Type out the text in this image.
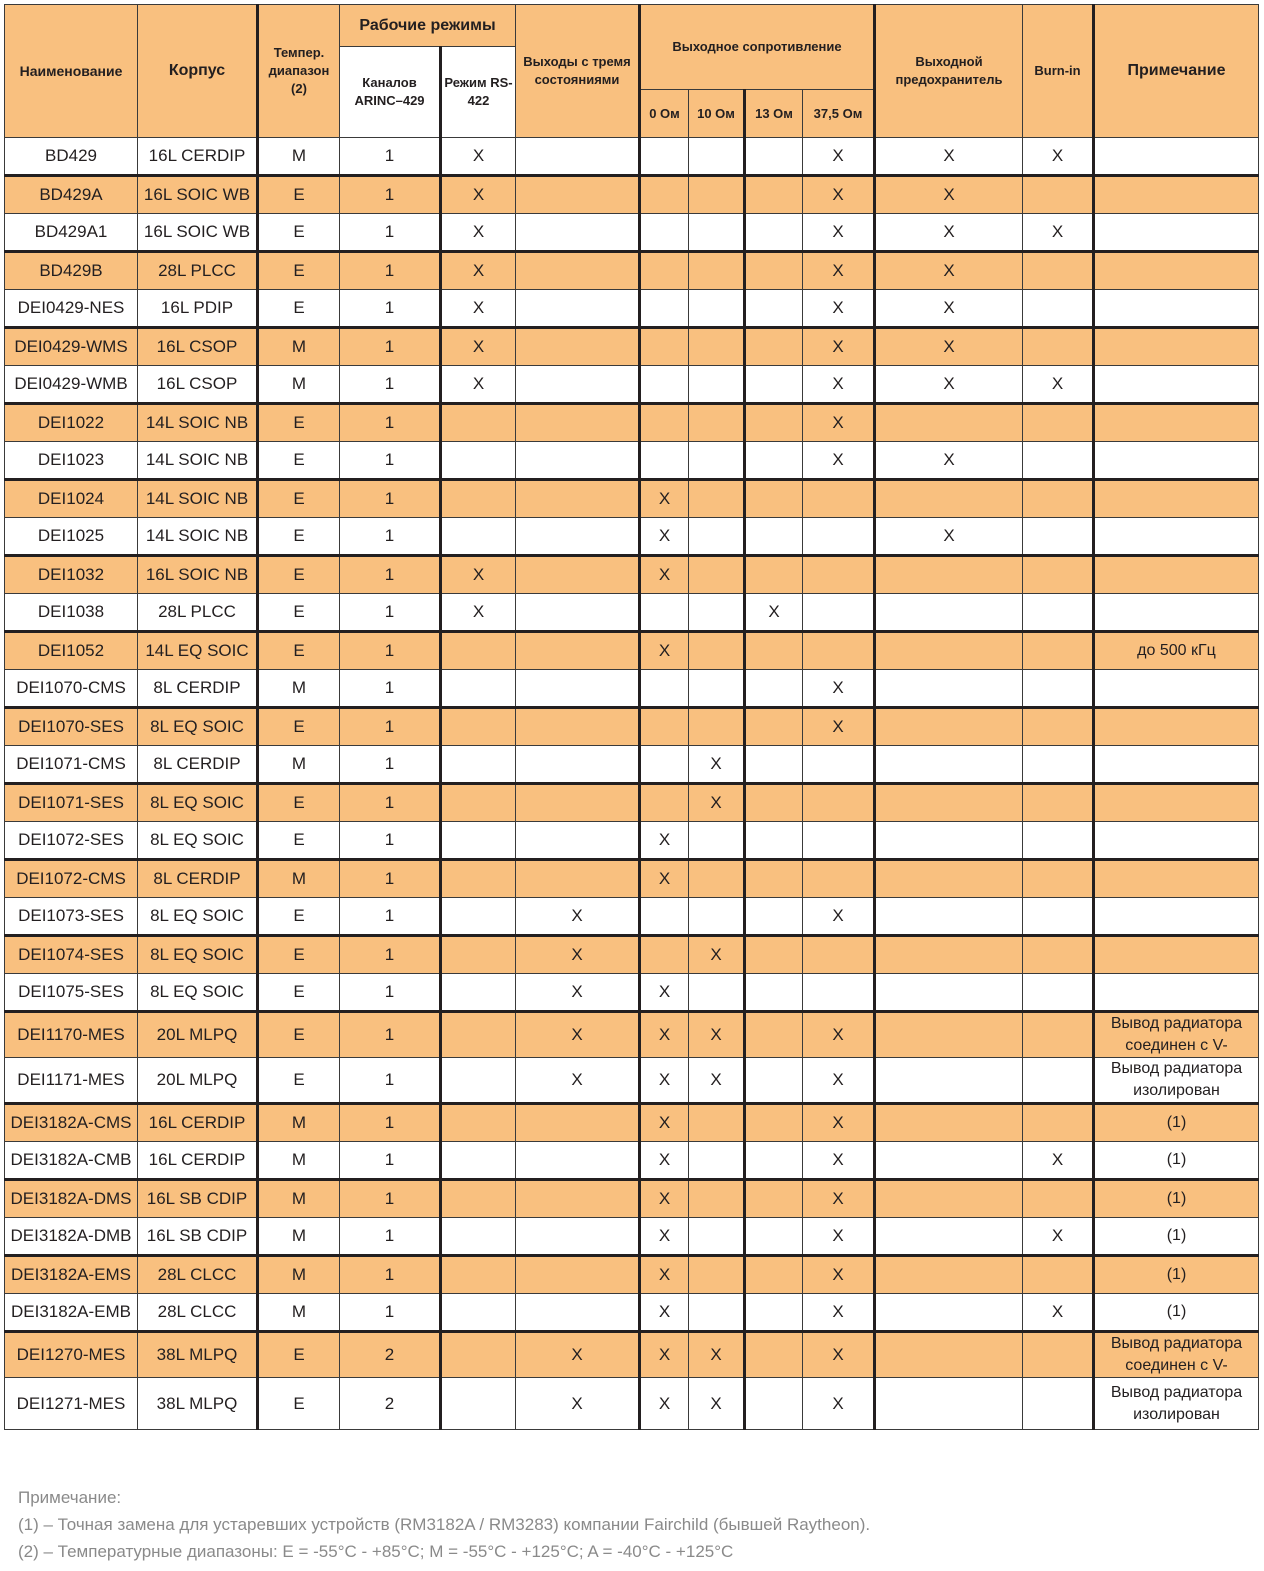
Наименование	Корпус	Темпер. диапазон (2)	Рабочие режимы		Выходы с тремя состояниями	Выходное сопротивление				Выходной предохранитель	Burn-in	Примечание
			Каналов ARINC–429	Режим RS-422								
						0 Ом	10 Ом	13 Ом	37,5 Ом			
BD429	16L CERDIP	M	1	X					X	X	X	
BD429A	16L SOIC WB	E	1	X					X	X		
BD429A1	16L SOIC WB	E	1	X					X	X	X	
BD429B	28L PLCC	E	1	X					X	X		
DEI0429-NES	16L PDIP	E	1	X					X	X		
DEI0429-WMS	16L CSOP	M	1	X					X	X		
DEI0429-WMB	16L CSOP	M	1	X					X	X	X	
DEI1022	14L SOIC NB	E	1						X			
DEI1023	14L SOIC NB	E	1						X	X		
DEI1024	14L SOIC NB	E	1			X						
DEI1025	14L SOIC NB	E	1			X				X		
DEI1032	16L SOIC NB	E	1	X		X						
DEI1038	28L PLCC	E	1	X				X				
DEI1052	14L EQ SOIC	E	1			X						до 500 кГц
DEI1070-CMS	8L CERDIP	M	1						X			
DEI1070-SES	8L EQ SOIC	E	1						X			
DEI1071-CMS	8L CERDIP	M	1				X					
DEI1071-SES	8L EQ SOIC	E	1				X					
DEI1072-SES	8L EQ SOIC	E	1			X						
DEI1072-CMS	8L CERDIP	M	1			X						
DEI1073-SES	8L EQ SOIC	E	1		X				X			
DEI1074-SES	8L EQ SOIC	E	1		X		X					
DEI1075-SES	8L EQ SOIC	E	1		X	X						
DEI1170-MES	20L MLPQ	E	1		X	X	X		X			Вывод радиатора соединен с V-
DEI1171-MES	20L MLPQ	E	1		X	X	X		X			Вывод радиатора изолирован
DEI3182A-CMS	16L CERDIP	M	1			X			X			(1)
DEI3182A-CMB	16L CERDIP	M	1			X			X		X	(1)
DEI3182A-DMS	16L SB CDIP	M	1			X			X			(1)
DEI3182A-DMB	16L SB CDIP	M	1			X			X		X	(1)
DEI3182A-EMS	28L CLCC	M	1			X			X			(1)
DEI3182A-EMB	28L CLCC	M	1			X			X		X	(1)
DEI1270-MES	38L MLPQ	E	2		X	X	X		X			Вывод радиатора соединен с V-
DEI1271-MES	38L MLPQ	E	2		X	X	X		X			Вывод радиатора изолирован
Примечание:
(1) – Точная замена для устаревших устройств (RM3182A / RM3283) компании Fairchild (бывшей Raytheon).
(2) – Температурные диапазоны: E = -55°C - +85°C; M = -55°C - +125°C; A = -40°C - +125°C
